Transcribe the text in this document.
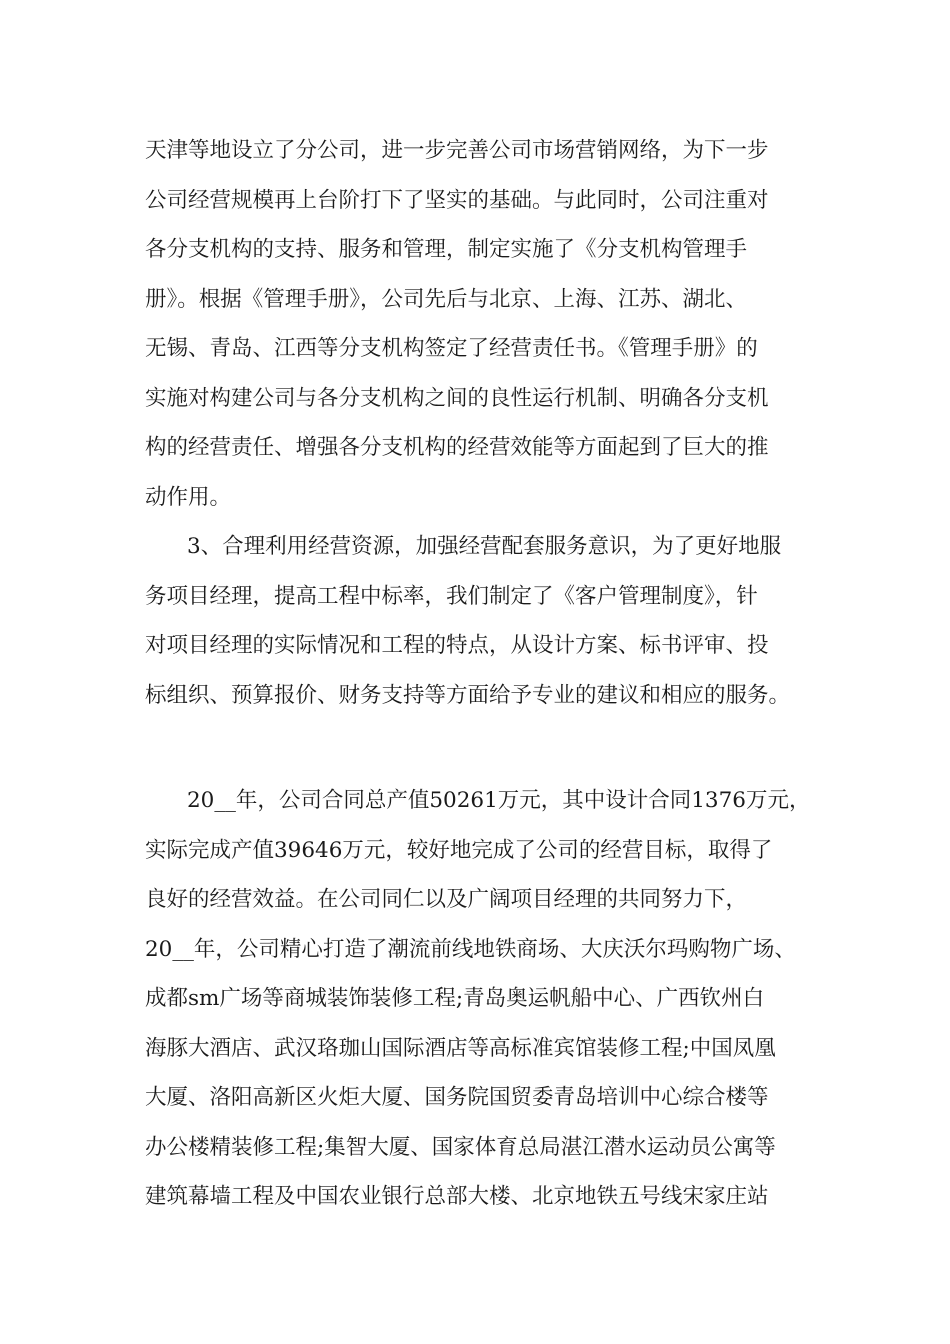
天津等地设立了分公司，进一步完善公司市场营销网络，为下一步

公司经营规模再上台阶打下了坚实的基础。与此同时，公司注重对

各分支机构的支持、服务和管理，制定实施了《分支机构管理手

册》。根据《管理手册》，公司先后与北京、上海、江苏、湖北、

无锡、青岛、江西等分支机构签定了经营责任书。《管理手册》的

实施对构建公司与各分支机构之间的良性运行机制、明确各分支机

构的经营责任、增强各分支机构的经营效能等方面起到了巨大的推

动作用。

3、合理利用经营资源，加强经营配套服务意识，为了更好地服

务项目经理，提高工程中标率，我们制定了《客户管理制度》，针

对项目经理的实际情况和工程的特点，从设计方案、标书评审、投

标组织、预算报价、财务支持等方面给予专业的建议和相应的服务。

20__年，公司合同总产值50261万元，其中设计合同1376万元，

实际完成产值39646万元，较好地完成了公司的经营目标，取得了

良好的经营效益。在公司同仁以及广阔项目经理的共同努力下，

20__年，公司精心打造了潮流前线地铁商场、大庆沃尔玛购物广场、

成都sm广场等商城装饰装修工程;青岛奥运帆船中心、广西钦州白

海豚大酒店、武汉珞珈山国际酒店等高标准宾馆装修工程;中国凤凰

大厦、洛阳高新区火炬大厦、国务院国贸委青岛培训中心综合楼等

办公楼精装修工程;集智大厦、国家体育总局湛江潜水运动员公寓等

建筑幕墙工程及中国农业银行总部大楼、北京地铁五号线宋家庄站
